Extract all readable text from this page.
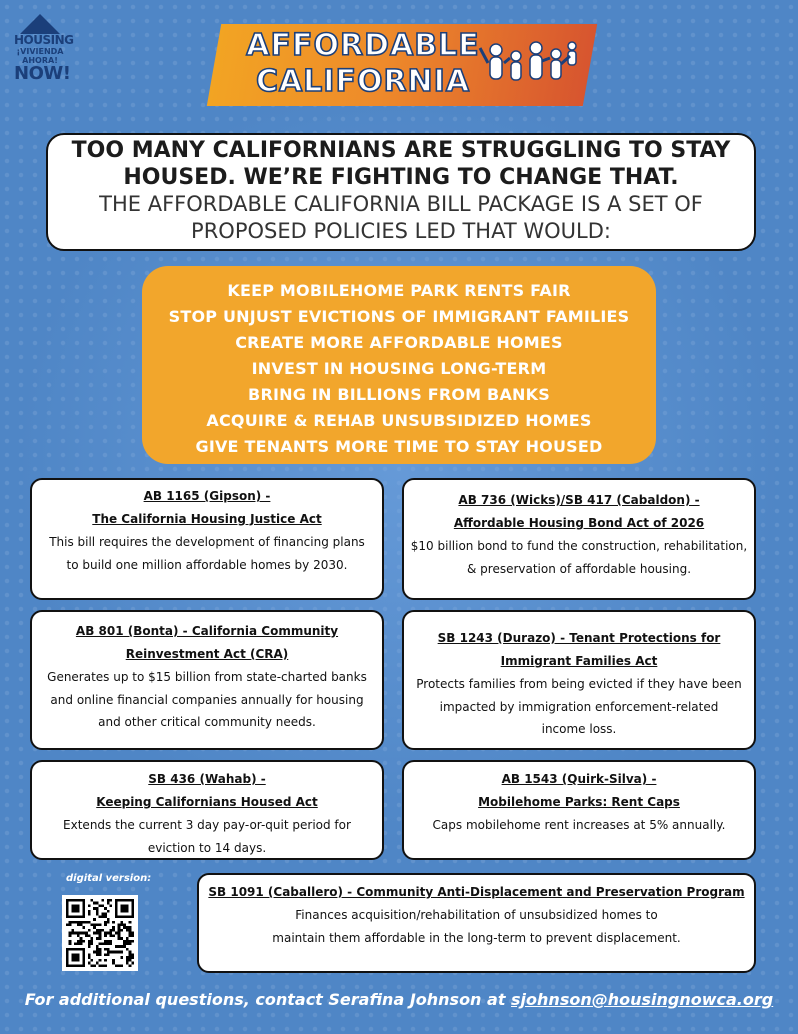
HOUSING
¡VIVIENDA
AHORA!
NOW!
AFFORDABLE
CALIFORNIA
TOO MANY CALIFORNIANS ARE STRUGGLING TO STAY HOUSED. WE’RE FIGHTING TO CHANGE THAT.
THE AFFORDABLE CALIFORNIA BILL PACKAGE IS A SET OF PROPOSED POLICIES LED THAT WOULD:
KEEP MOBILEHOME PARK RENTS FAIR
STOP UNJUST EVICTIONS OF IMMIGRANT FAMILIES
CREATE MORE AFFORDABLE HOMES
INVEST IN HOUSING LONG-TERM
BRING IN BILLIONS FROM BANKS
ACQUIRE & REHAB UNSUBSIDIZED HOMES
GIVE TENANTS MORE TIME TO STAY HOUSED
AB 1165 (Gipson) -
The California Housing Justice Act
This bill requires the development of financing plans to build one million affordable homes by 2030.
AB 736 (Wicks)/SB 417 (Cabaldon) -
Affordable Housing Bond Act of 2026
$10 billion bond to fund the construction, rehabilitation, & preservation of affordable housing.
AB 801 (Bonta) - California Community Reinvestment Act (CRA)
Generates up to $15 billion from state-charted banks and online financial companies annually for housing and other critical community needs.
SB 1243 (Durazo) - Tenant Protections for Immigrant Families Act
Protects families from being evicted if they have been impacted by immigration enforcement-related income loss.
SB 436 (Wahab) -
Keeping Californians Housed Act
Extends the current 3 day pay-or-quit period for eviction to 14 days.
AB 1543 (Quirk-Silva) -
Mobilehome Parks: Rent Caps
Caps mobilehome rent increases at 5% annually.
SB 1091 (Caballero) - Community Anti-Displacement and Preservation Program
Finances acquisition/rehabilitation of unsubsidized homes to maintain them affordable in the long-term to prevent displacement.
digital version:
For additional questions, contact Serafina Johnson at sjohnson@housingnowca.org
